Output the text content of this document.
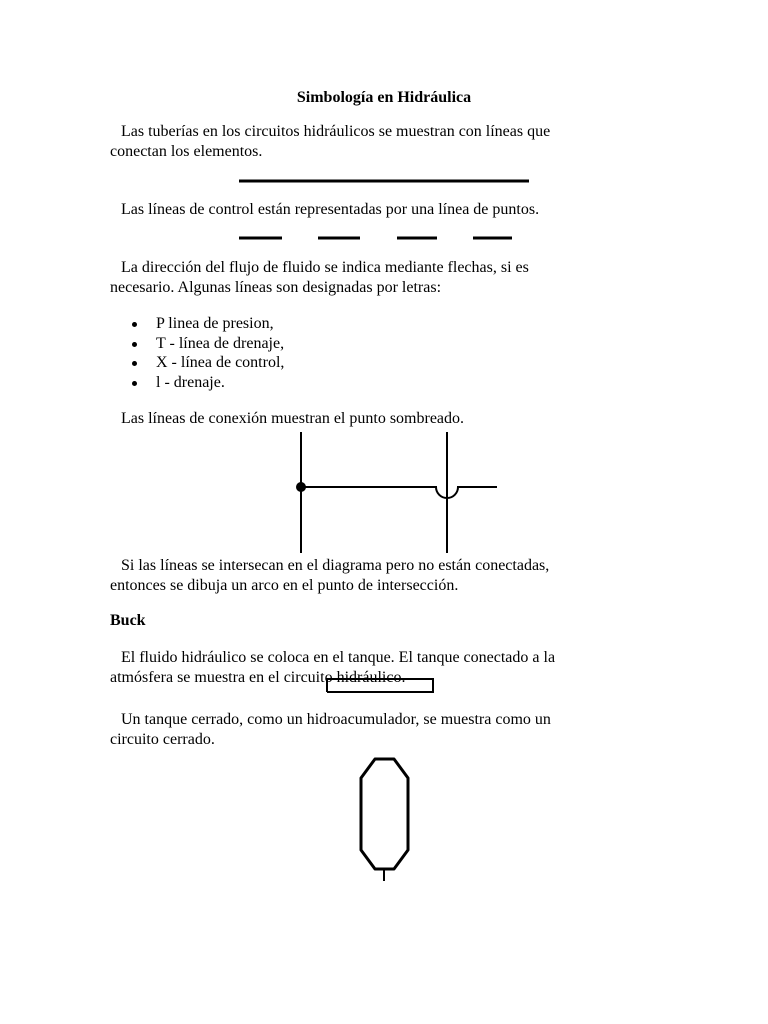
Simbología en Hidráulica

Las tuberías en los circuitos hidráulicos se muestran con líneas que

conectan los elementos.

Las líneas de control están representadas por una línea de puntos.

La dirección del flujo de fluido se indica mediante flechas, si es

necesario. Algunas líneas son designadas por letras:

P linea de presion,
T - línea de drenaje,
X - línea de control,
l - drenaje.

Las líneas de conexión muestran el punto sombreado.

Si las líneas se intersecan en el diagrama pero no están conectadas,

entonces se dibuja un arco en el punto de intersección.

Buck

El fluido hidráulico se coloca en el tanque. El tanque conectado a la

atmósfera se muestra en el circuito hidráulico.

Un tanque cerrado, como un hidroacumulador, se muestra como un

circuito cerrado.
